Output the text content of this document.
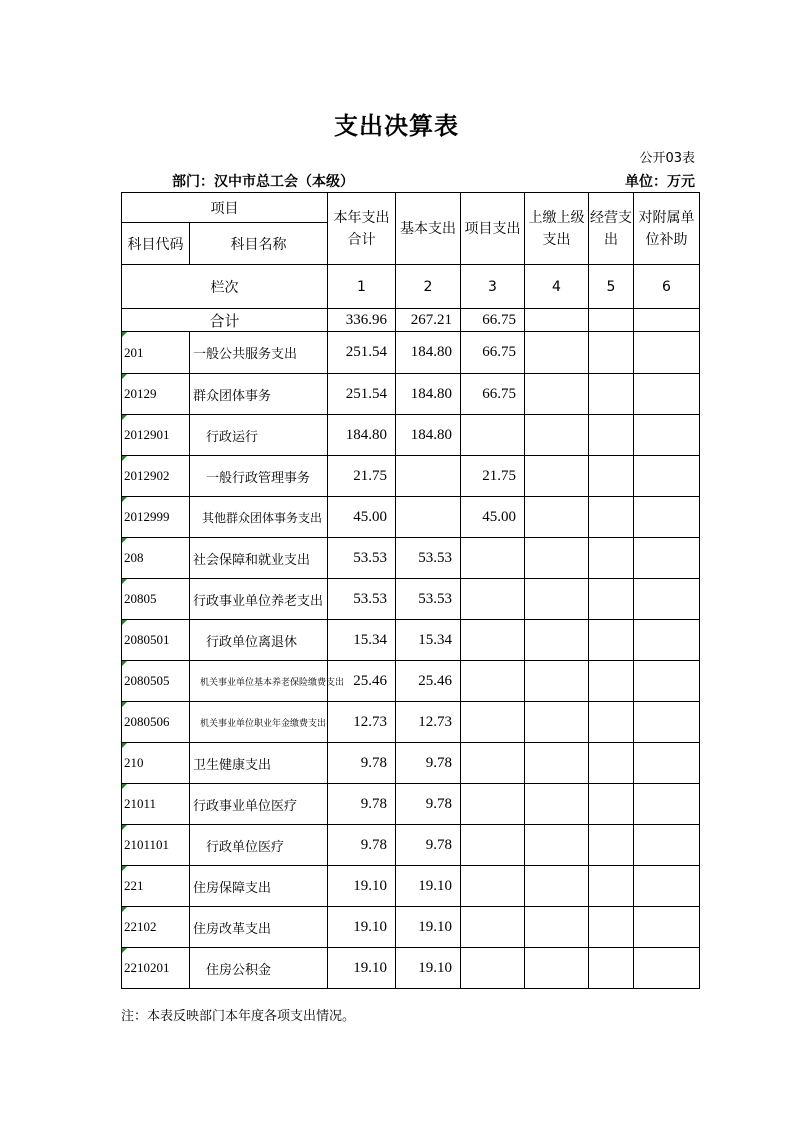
支出决算表
公开03表
部门：汉中市总工会（本级）	单位：万元
项目		本年支出合计	基本支出	项目支出	上缴上级支出	经营支出	对附属单位补助
科目代码	科目名称						
栏次		1	2	3	4	5	6
合计		336.96	267.21	66.75			
201	一般公共服务支出	251.54	184.80	66.75			
20129	群众团体事务	251.54	184.80	66.75			
2012901	行政运行	184.80	184.80				
2012902	一般行政管理事务	21.75		21.75			
2012999	其他群众团体事务支出	45.00		45.00			
208	社会保障和就业支出	53.53	53.53				
20805	行政事业单位养老支出	53.53	53.53				
2080501	行政单位离退休	15.34	15.34				
2080505	机关事业单位基本养老保险缴费支出	25.46	25.46				
2080506	机关事业单位职业年金缴费支出	12.73	12.73				
210	卫生健康支出	9.78	9.78				
21011	行政事业单位医疗	9.78	9.78				
2101101	行政单位医疗	9.78	9.78				
221	住房保障支出	19.10	19.10				
22102	住房改革支出	19.10	19.10				
2210201	住房公积金	19.10	19.10				
注：本表反映部门本年度各项支出情况。
